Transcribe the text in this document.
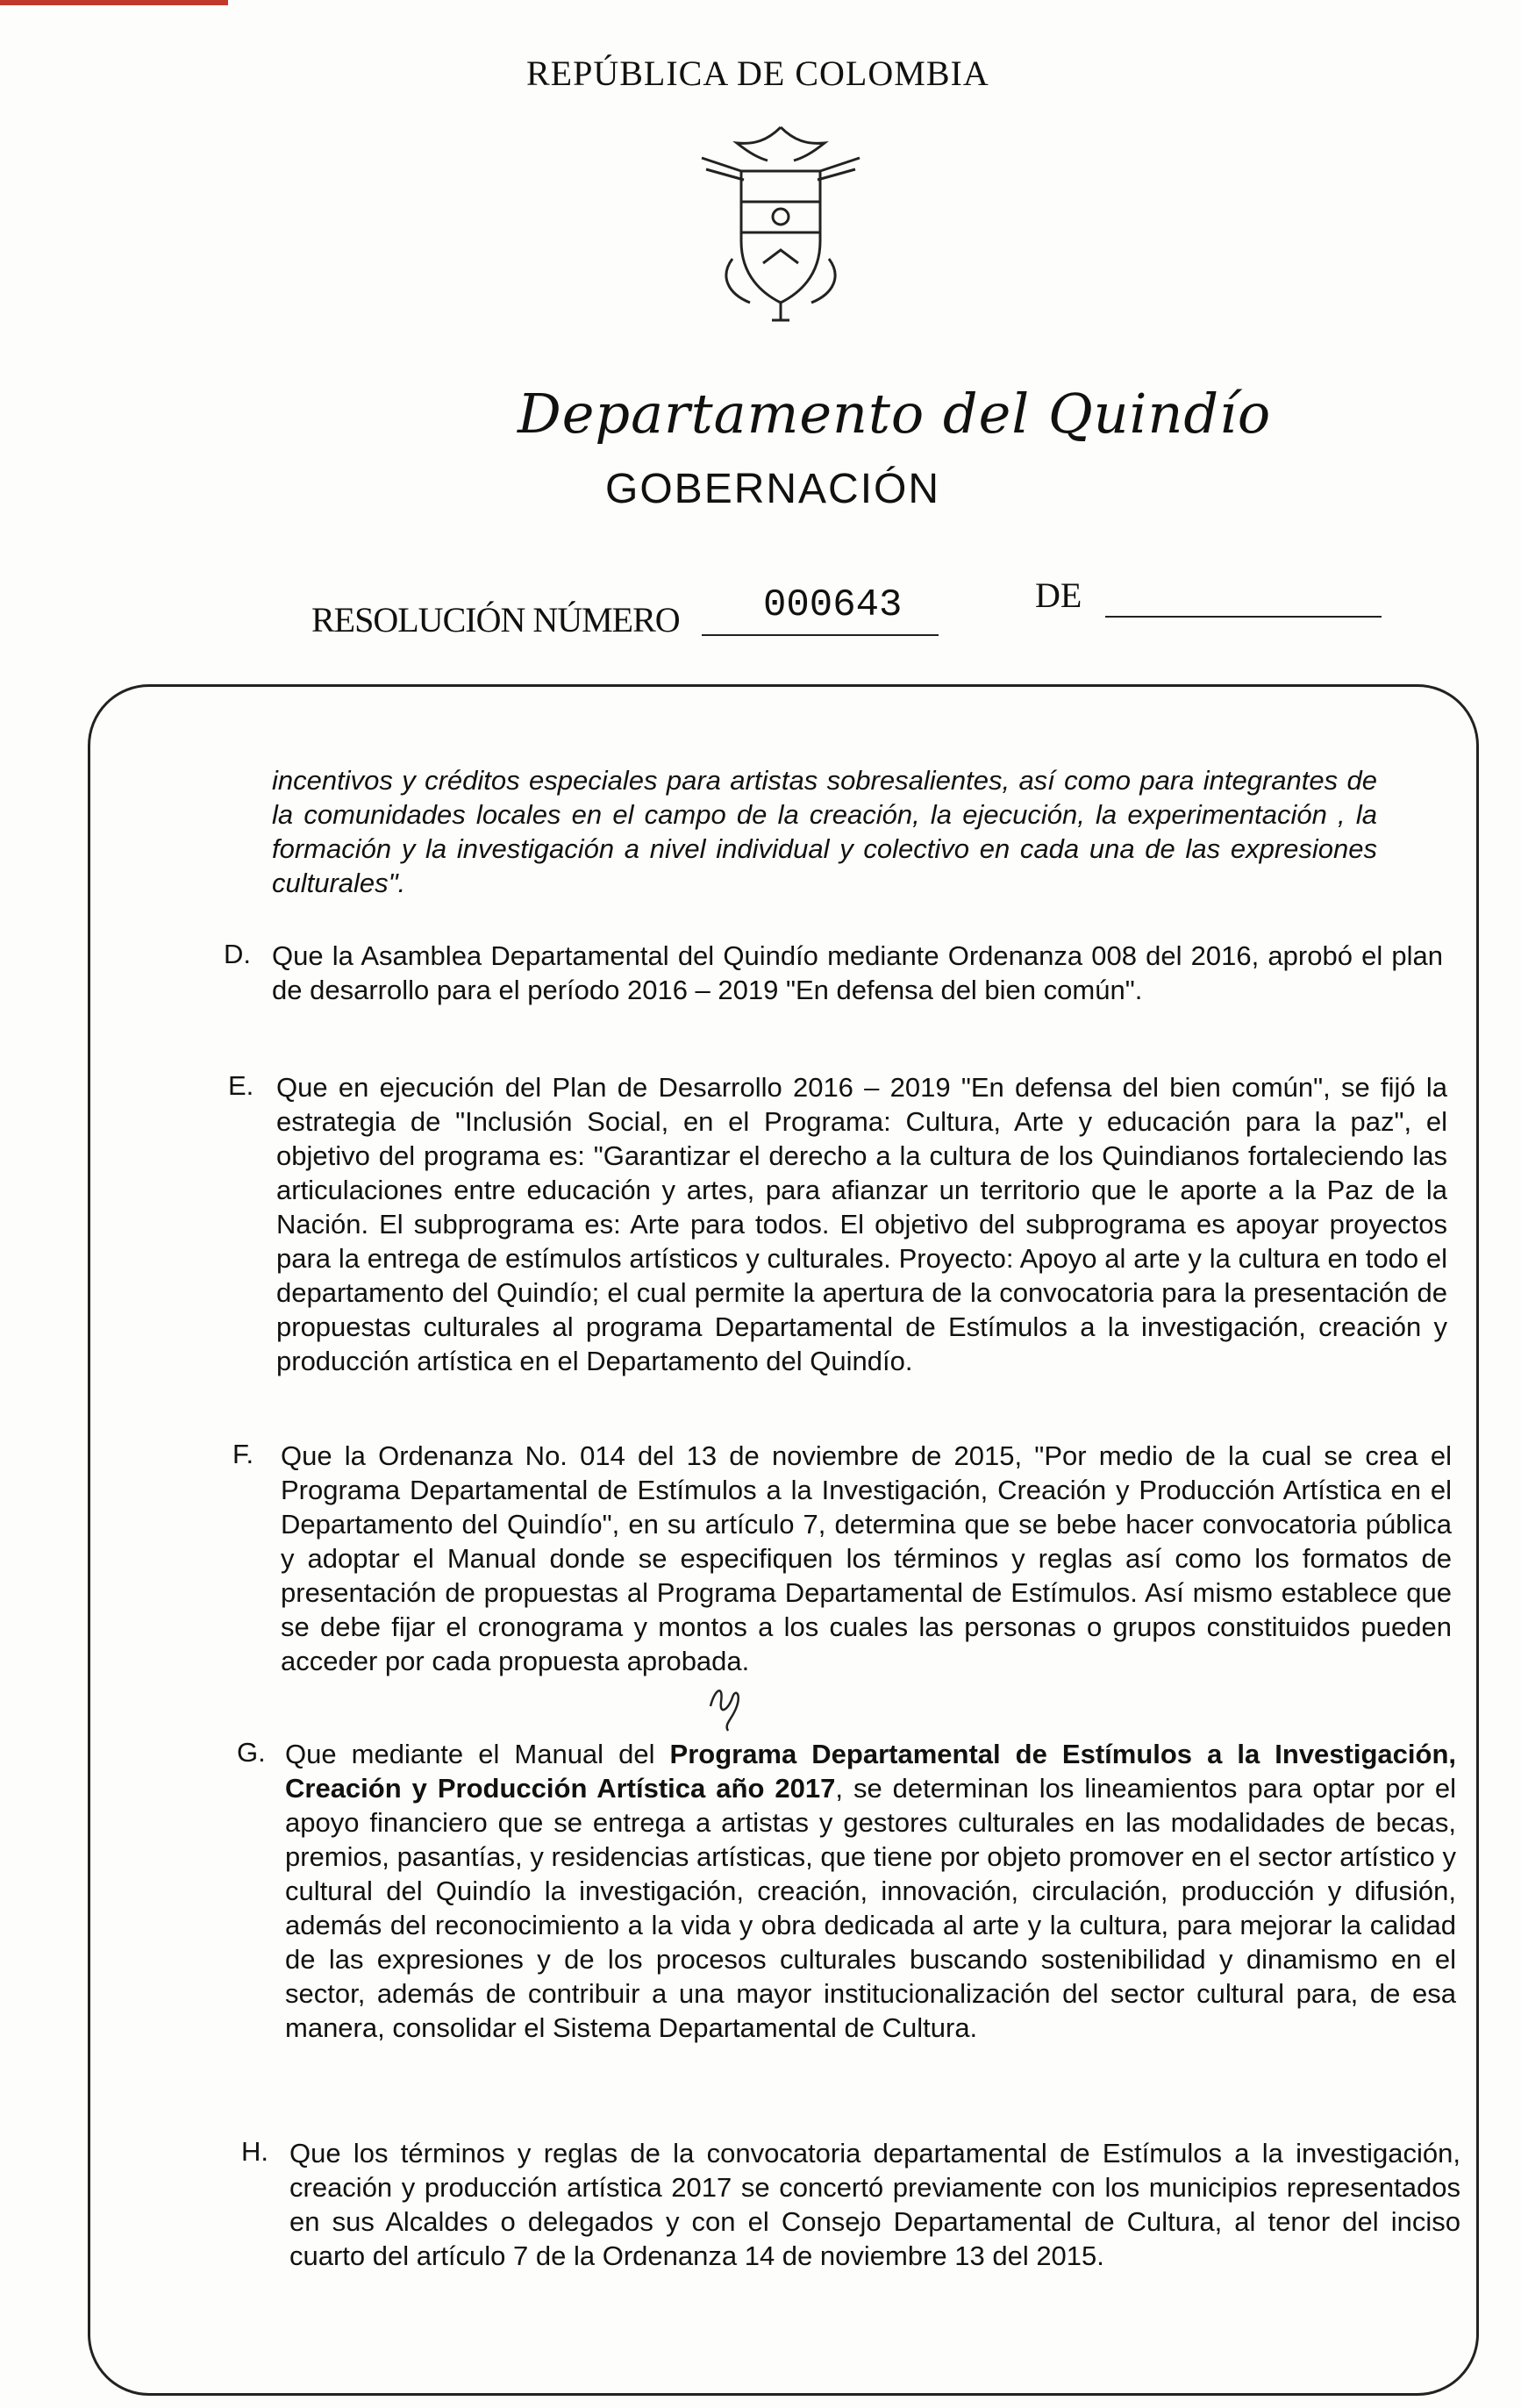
REPÚBLICA DE COLOMBIA
Departamento del Quindío
GOBERNACIÓN
RESOLUCIÓN NÚMERO 000643	DE

incentivos y créditos especiales para artistas sobresalientes, así como para integrantes de la comunidades locales en el campo de la creación, la ejecución, la experimentación , la formación y la investigación a nivel individual y colectivo en cada una de las expresiones culturales".

D. Que la Asamblea Departamental del Quindío mediante Ordenanza 008 del 2016, aprobó el plan de desarrollo para el período 2016 – 2019 "En defensa del bien común".

E. Que en ejecución del Plan de Desarrollo 2016 – 2019 "En defensa del bien común", se fijó la estrategia de "Inclusión Social, en el Programa: Cultura, Arte y educación para la paz", el objetivo del programa es: "Garantizar el derecho a la cultura de los Quindianos fortaleciendo las articulaciones entre educación y artes, para afianzar un territorio que le aporte a la Paz de la Nación. El subprograma es: Arte para todos. El objetivo del subprograma es apoyar proyectos para la entrega de estímulos artísticos y culturales. Proyecto: Apoyo al arte y la cultura en todo el departamento del Quindío; el cual permite la apertura de la convocatoria para la presentación de propuestas culturales al programa Departamental de Estímulos a la investigación, creación y producción artística en el Departamento del Quindío.

F. Que la Ordenanza No. 014 del 13 de noviembre de 2015, "Por medio de la cual se crea el Programa Departamental de Estímulos a la Investigación, Creación y Producción Artística en el Departamento del Quindío", en su artículo 7, determina que se bebe hacer convocatoria pública y adoptar el Manual donde se especifiquen los términos y reglas así como los formatos de presentación de propuestas al Programa Departamental de Estímulos. Así mismo establece que se debe fijar el cronograma y montos a los cuales las personas o grupos constituidos pueden acceder por cada propuesta aprobada.

G. Que mediante el Manual del Programa Departamental de Estímulos a la Investigación, Creación y Producción Artística año 2017, se determinan los lineamientos para optar por el apoyo financiero que se entrega a artistas y gestores culturales en las modalidades de becas, premios, pasantías, y residencias artísticas, que tiene por objeto promover en el sector artístico y cultural del Quindío la investigación, creación, innovación, circulación, producción y difusión, además del reconocimiento a la vida y obra dedicada al arte y la cultura, para mejorar la calidad de las expresiones y de los procesos culturales buscando sostenibilidad y dinamismo en el sector, además de contribuir a una mayor institucionalización del sector cultural para, de esa manera, consolidar el Sistema Departamental de Cultura.

H. Que los términos y reglas de la convocatoria departamental de Estímulos a la investigación, creación y producción artística 2017 se concertó previamente con los municipios representados en sus Alcaldes o delegados y con el Consejo Departamental de Cultura, al tenor del inciso cuarto del artículo 7 de la Ordenanza 14 de noviembre 13 del 2015.
